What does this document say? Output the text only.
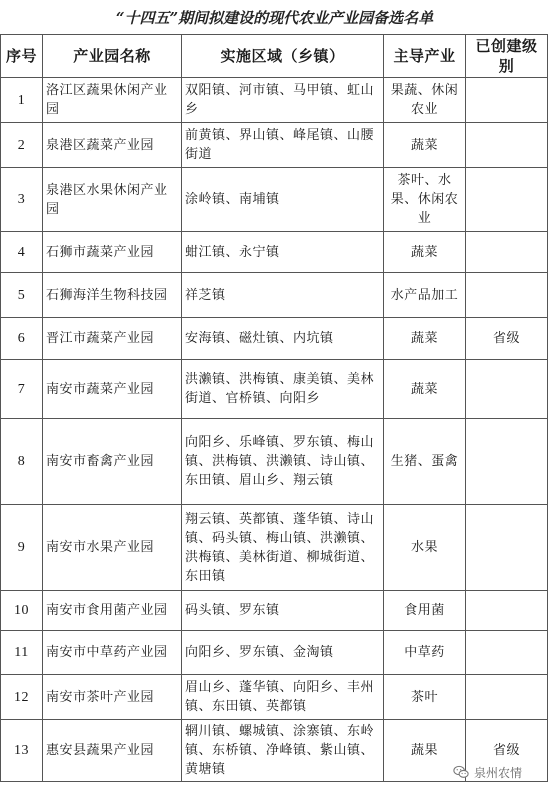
“十四五”期间拟建设的现代农业产业园备选名单
序号	产业园名称	实施区域（乡镇）	主导产业	已创建级别
1	洛江区蔬果休闲产业园	双阳镇、河市镇、马甲镇、虹山乡	果蔬、休闲农业	
2	泉港区蔬菜产业园	前黄镇、界山镇、峰尾镇、山腰街道	蔬菜	
3	泉港区水果休闲产业园	涂岭镇、南埔镇	茶叶、水果、休闲农业	
4	石狮市蔬菜产业园	蚶江镇、永宁镇	蔬菜	
5	石狮海洋生物科技园	祥芝镇	水产品加工	
6	晋江市蔬菜产业园	安海镇、磁灶镇、内坑镇	蔬菜	省级
7	南安市蔬菜产业园	洪濑镇、洪梅镇、康美镇、美林街道、官桥镇、向阳乡	蔬菜	
8	南安市畜禽产业园	向阳乡、乐峰镇、罗东镇、梅山镇、洪梅镇、洪濑镇、诗山镇、东田镇、眉山乡、翔云镇	生猪、蛋禽	
9	南安市水果产业园	翔云镇、英都镇、蓬华镇、诗山镇、码头镇、梅山镇、洪濑镇、洪梅镇、美林街道、柳城街道、东田镇	水果	
10	南安市食用菌产业园	码头镇、罗东镇	食用菌	
11	南安市中草药产业园	向阳乡、罗东镇、金淘镇	中草药	
12	南安市茶叶产业园	眉山乡、蓬华镇、向阳乡、丰州镇、东田镇、英都镇	茶叶	
13	惠安县蔬果产业园	辋川镇、螺城镇、涂寨镇、东岭镇、东桥镇、净峰镇、紫山镇、黄塘镇	蔬果	省级
泉州农情
